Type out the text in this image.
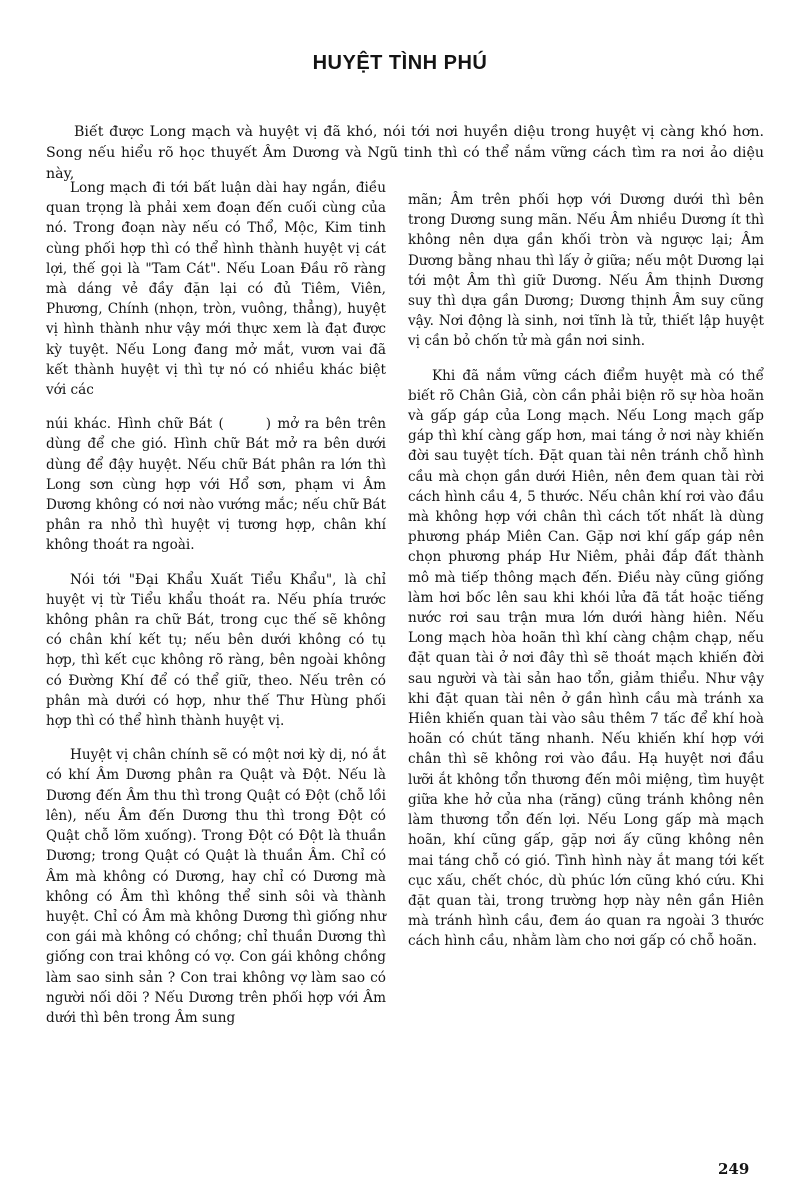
HUYỆT TÌNH PHÚ

Biết được Long mạch và huyệt vị đã khó, nói tới nơi huyền diệu trong huyệt vị càng khó hơn. Song nếu hiểu rõ học thuyết Âm Dương và Ngũ tinh thì có thể nắm vững cách tìm ra nơi ảo diệu này,

Long mạch đi tới bất luận dài hay ngắn, điều quan trọng là phải xem đoạn đến cuối cùng của nó. Trong đoạn này nếu có Thổ, Mộc, Kim tinh cùng phối hợp thì có thể hình thành huyệt vị cát lợi, thế gọi là "Tam Cát". Nếu Loan Đầu rõ ràng mà dáng vẻ đầy đặn lại có đủ Tiêm, Viên, Phương, Chính (nhọn, tròn, vuông, thẳng), huyệt vị hình thành như vậy mới thực xem là đạt được kỳ tuyệt. Nếu Long đang mở mắt, vươn vai đã kết thành huyệt vị thì tự nó có nhiều khác biệt với các

núi khác. Hình chữ Bát (	) mở ra bên trên dùng để che gió. Hình chữ Bát mở ra bên dưới dùng để đậy huyệt. Nếu chữ Bát phân ra lớn thì Long sơn cùng hợp với Hổ sơn, phạm vi Âm Dương không có nơi nào vướng mắc; nếu chữ Bát phân ra nhỏ thì huyệt vị tương hợp, chân khí không thoát ra ngoài.

Nói tới "Đại Khẩu Xuất Tiểu Khẩu", là chỉ huyệt vị từ Tiểu khẩu thoát ra. Nếu phía trước không phân ra chữ Bát, trong cục thế sẽ không có chân khí kết tụ; nếu bên dưới không có tụ hợp, thì kết cục không rõ ràng, bên ngoài không có Đường Khí để có thể giữ, theo. Nếu trên có phân mà dưới có hợp, như thế Thư Hùng phối hợp thì có thể hình thành huyệt vị.

Huyệt vị chân chính sẽ có một nơi kỳ dị, nó ắt có khí Âm Dương phân ra Quật và Đột. Nếu là Dương đến Âm thu thì trong Quật có Đột (chỗ lồi lên), nếu Âm đến Dương thu thì trong Đột có Quật chỗ lõm xuống). Trong Đột có Đột là thuần Dương; trong Quật có Quật là thuần Âm. Chỉ có Âm mà không có Dương, hay chỉ có Dương mà không có Âm thì không thể sinh sôi và thành huyệt. Chỉ có Âm mà không Dương thì giống như con gái mà không có chồng; chỉ thuần Dương thì giống con trai không có vợ. Con gái không chồng làm sao sinh sản ? Con trai không vợ làm sao có người nối dõi ? Nếu Dương trên phối hợp với Âm dưới thì bên trong Âm sung

mãn; Âm trên phối hợp với Dương dưới thì bên trong Dương sung mãn. Nếu Âm nhiều Dương ít thì không nên dựa gần khối tròn và ngược lại; Âm Dương bằng nhau thì lấy ở giữa; nếu một Dương lại tới một Âm thì giữ Dương. Nếu Âm thịnh Dương suy thì dựa gần Dương; Dương thịnh Âm suy cũng vậy. Nơi động là sinh, nơi tĩnh là tử, thiết lập huyệt vị cần bỏ chốn tử mà gần nơi sinh.

Khi đã nắm vững cách điểm huyệt mà có thể biết rõ Chân Giả, còn cần phải biện rõ sự hòa hoãn và gấp gáp của Long mạch. Nếu Long mạch gấp gáp thì khí càng gấp hơn, mai táng ở nơi này khiến đời sau tuyệt tích. Đặt quan tài nên tránh chỗ hình cầu mà chọn gần dưới Hiên, nên đem quan tài rời cách hình cầu 4, 5 thước. Nếu chân khí rơi vào đầu mà không hợp với chân thì cách tốt nhất là dùng phương pháp Miên Can. Gặp nơi khí gấp gáp nên chọn phương pháp Hư Niêm, phải đắp đất thành mô mà tiếp thông mạch đến. Điều này cũng giống làm hơi bốc lên sau khi khói lửa đã tắt hoặc tiếng nước rơi sau trận mưa lớn dưới hàng hiên. Nếu Long mạch hòa hoãn thì khí càng chậm chạp, nếu đặt quan tài ở nơi đây thì sẽ thoát mạch khiến đời sau người và tài sản hao tổn, giảm thiểu. Như vậy khi đặt quan tài nên ở gần hình cầu mà tránh xa Hiên khiến quan tài vào sâu thêm 7 tấc để khí hoà hoãn có chút tăng nhanh. Nếu khiến khí hợp với chân thì sẽ không rơi vào đầu. Hạ huyệt nơi đầu lưỡi ắt không tổn thương đến môi miệng, tìm huyệt giữa khe hở của nha (răng) cũng tránh không nên làm thương tổn đến lợi. Nếu Long gấp mà mạch hoãn, khí cũng gấp, gặp nơi ấy cũng không nên mai táng chỗ có gió. Tình hình này ắt mang tới kết cục xấu, chết chóc, dù phúc lớn cũng khó cứu. Khi đặt quan tài, trong trường hợp này nên gần Hiên mà tránh hình cầu, đem áo quan ra ngoài 3 thước cách hình cầu, nhằm làm cho nơi gấp có chỗ hoãn.

249
